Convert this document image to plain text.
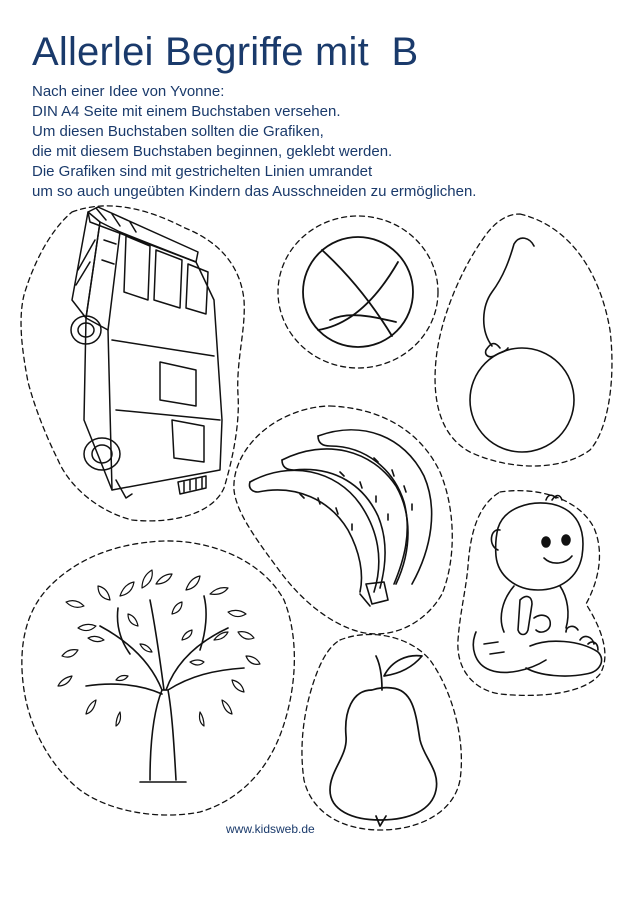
Allerlei Begriffe mit  B
Nach einer Idee von Yvonne:
DIN A4 Seite mit einem Buchstaben versehen.
Um diesen Buchstaben sollten die Grafiken,
die mit diesem Buchstaben beginnen, geklebt werden.
Die Grafiken sind mit gestrichelten Linien umrandet
um so auch ungeübten Kindern das Ausschneiden zu ermöglichen.
www.kidsweb.de
